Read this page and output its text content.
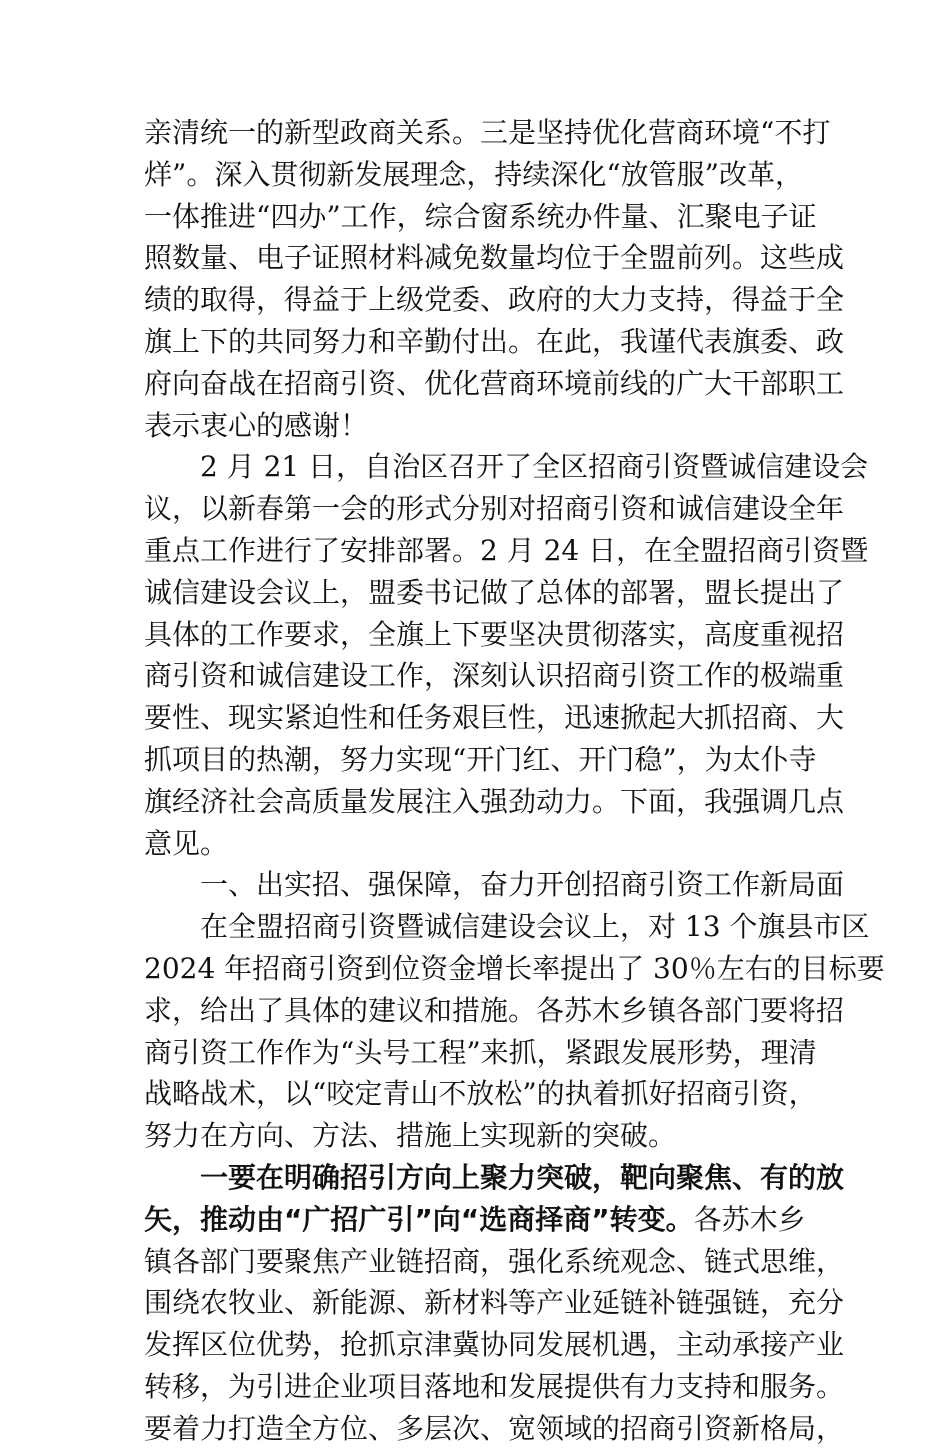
亲清统一的新型政商关系。三是坚持优化营商环境“不打
烊”。深入贯彻新发展理念，持续深化“放管服”改革，
一体推进“四办”工作，综合窗系统办件量、汇聚电子证
照数量、电子证照材料减免数量均位于全盟前列。这些成
绩的取得，得益于上级党委、政府的大力支持，得益于全
旗上下的共同努力和辛勤付出。在此，我谨代表旗委、政
府向奋战在招商引资、优化营商环境前线的广大干部职工
表示衷心的感谢！
2 月 21 日，自治区召开了全区招商引资暨诚信建设会
议，以新春第一会的形式分别对招商引资和诚信建设全年
重点工作进行了安排部署。2 月 24 日，在全盟招商引资暨
诚信建设会议上，盟委书记做了总体的部署，盟长提出了
具体的工作要求，全旗上下要坚决贯彻落实，高度重视招
商引资和诚信建设工作，深刻认识招商引资工作的极端重
要性、现实紧迫性和任务艰巨性，迅速掀起大抓招商、大
抓项目的热潮，努力实现“开门红、开门稳”，为太仆寺
旗经济社会高质量发展注入强劲动力。下面，我强调几点
意见。
一、出实招、强保障，奋力开创招商引资工作新局面
在全盟招商引资暨诚信建设会议上，对 13 个旗县市区
2024 年招商引资到位资金增长率提出了 30％左右的目标要
求，给出了具体的建议和措施。各苏木乡镇各部门要将招
商引资工作作为“头号工程”来抓，紧跟发展形势，理清
战略战术，以“咬定青山不放松”的执着抓好招商引资，
努力在方向、方法、措施上实现新的突破。
一要在明确招引方向上聚力突破，靶向聚焦、有的放
矢，推动由“广招广引”向“选商择商”转变。各苏木乡
镇各部门要聚焦产业链招商，强化系统观念、链式思维，
围绕农牧业、新能源、新材料等产业延链补链强链，充分
发挥区位优势，抢抓京津冀协同发展机遇，主动承接产业
转移，为引进企业项目落地和发展提供有力支持和服务。
要着力打造全方位、多层次、宽领域的招商引资新格局，
